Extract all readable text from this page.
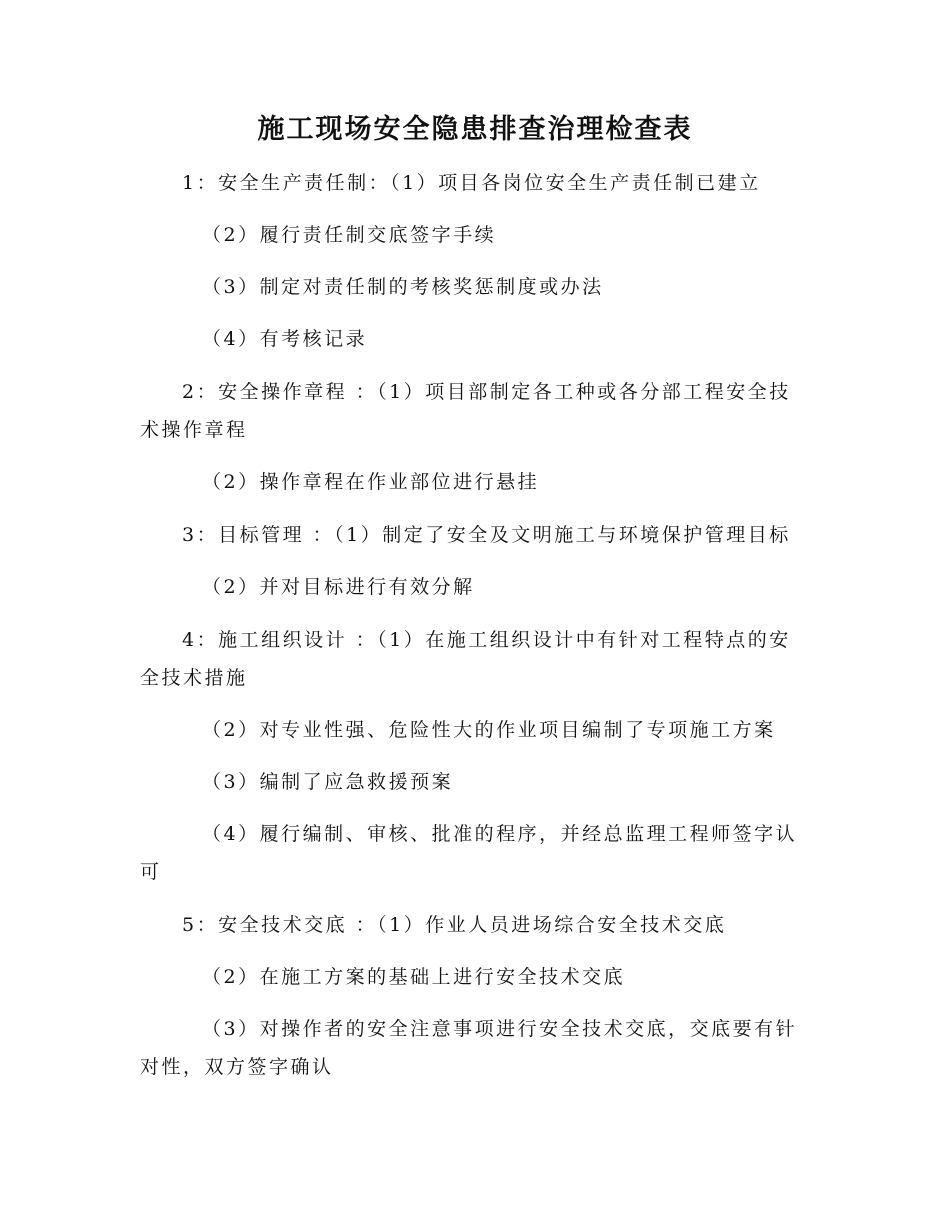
施工现场安全隐患排查治理检查表
1：安全生产责任制：（1）项目各岗位安全生产责任制已建立
（2）履行责任制交底签字手续
（3）制定对责任制的考核奖惩制度或办法
（4）有考核记录
2：安全操作章程 ：（1）项目部制定各工种或各分部工程安全技
术操作章程
（2）操作章程在作业部位进行悬挂
3：目标管理 ：（1）制定了安全及文明施工与环境保护管理目标
（2）并对目标进行有效分解
4：施工组织设计 ：（1）在施工组织设计中有针对工程特点的安
全技术措施
（2）对专业性强、危险性大的作业项目编制了专项施工方案
（3）编制了应急救援预案
（4）履行编制、审核、批准的程序，并经总监理工程师签字认
可
5：安全技术交底 ：（1）作业人员进场综合安全技术交底
（2）在施工方案的基础上进行安全技术交底
（3）对操作者的安全注意事项进行安全技术交底，交底要有针
对性，双方签字确认
